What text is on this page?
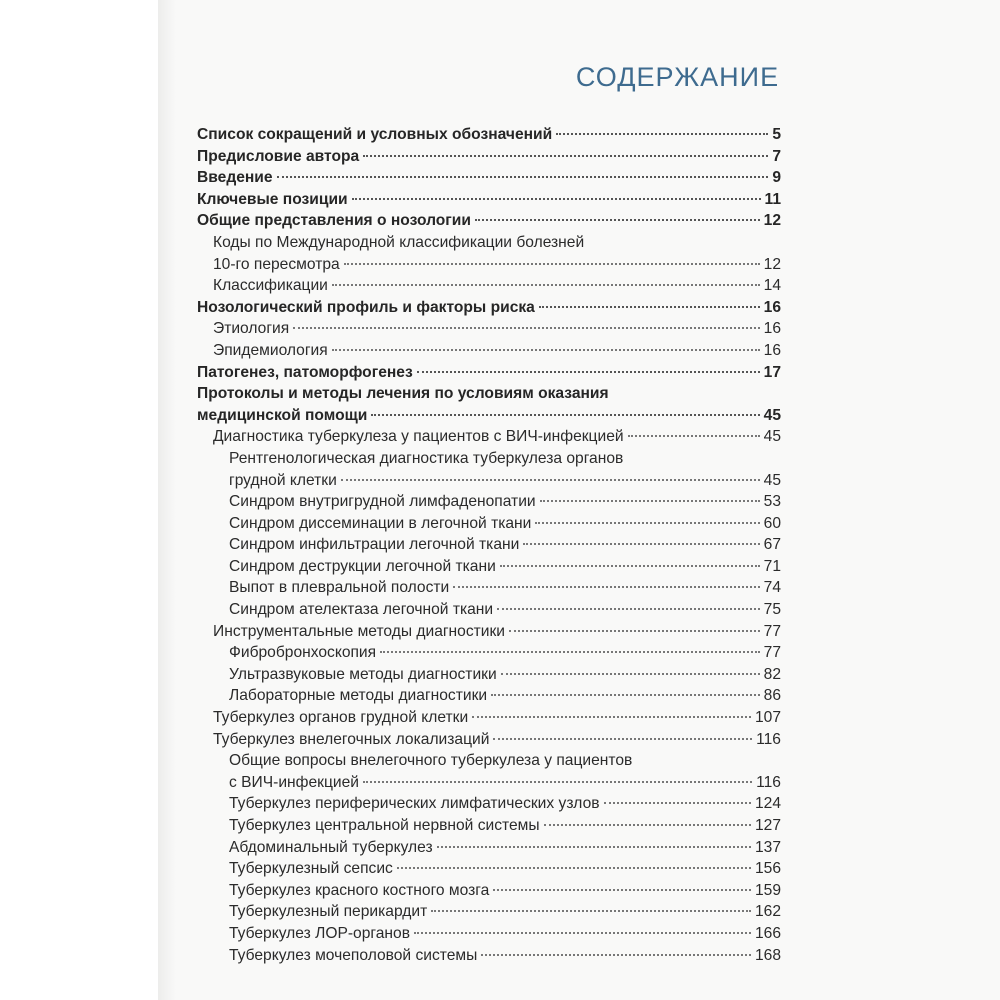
СОДЕРЖАНИЕ
Список сокращений и условных обозначений	5
Предисловие автора	7
Введение	9
Ключевые позиции	11
Общие представления о нозологии	12
Коды по Международной классификации болезней
10-го пересмотра	12
Классификации	14
Нозологический профиль и факторы риска	16
Этиология	16
Эпидемиология	16
Патогенез, патоморфогенез	17
Протоколы и методы лечения по условиям оказания
медицинской помощи	45
Диагностика туберкулеза у пациентов с ВИЧ-инфекцией	45
Рентгенологическая диагностика туберкулеза органов
грудной клетки	45
Синдром внутригрудной лимфаденопатии	53
Синдром диссеминации в легочной ткани	60
Синдром инфильтрации легочной ткани	67
Синдром деструкции легочной ткани	71
Выпот в плевральной полости	74
Синдром ателектаза легочной ткани	75
Инструментальные методы диагностики	77
Фибробронхоскопия	77
Ультразвуковые методы диагностики	82
Лабораторные методы диагностики	86
Туберкулез органов грудной клетки	107
Туберкулез внелегочных локализаций	116
Общие вопросы внелегочного туберкулеза у пациентов
с ВИЧ-инфекцией	116
Туберкулез периферических лимфатических узлов	124
Туберкулез центральной нервной системы	127
Абдоминальный туберкулез	137
Туберкулезный сепсис	156
Туберкулез красного костного мозга	159
Туберкулезный перикардит	162
Туберкулез ЛОР-органов	166
Туберкулез мочеполовой системы	168
